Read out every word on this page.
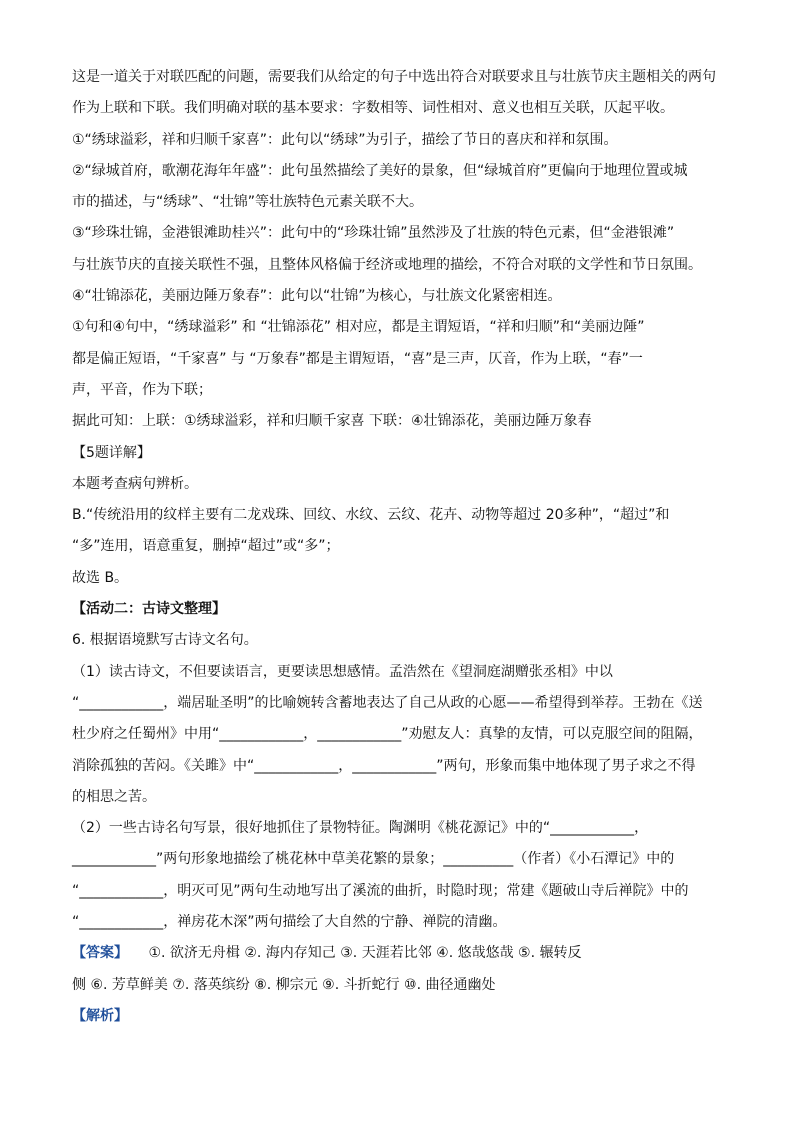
这是一道关于对联匹配的问题，需要我们从给定的句子中选出符合对联要求且与壮族节庆主题相关的两句

作为上联和下联。我们明确对联的基本要求：字数相等、词性相对、意义也相互关联，仄起平收。

①“绣球溢彩，祥和归顺千家喜”：此句以“绣球”为引子，描绘了节日的喜庆和祥和氛围。

②“绿城首府，歌潮花海年年盛”：此句虽然描绘了美好的景象，但“绿城首府”更偏向于地理位置或城

市的描述，与“绣球”、“壮锦”等壮族特色元素关联不大。

③“珍珠壮锦，金港银滩助桂兴”：此句中的“珍珠壮锦”虽然涉及了壮族的特色元素，但“金港银滩”

与壮族节庆的直接关联性不强，且整体风格偏于经济或地理的描绘，不符合对联的文学性和节日氛围。

④“壮锦添花，美丽边陲万象春”：此句以“壮锦”为核心，与壮族文化紧密相连。

①句和④句中，“绣球溢彩” 和 “壮锦添花” 相对应，都是主谓短语，“祥和归顺”和“美丽边陲”

都是偏正短语，“千家喜” 与 “万象春”都是主谓短语，“喜”是三声，仄音，作为上联，“春”一

声，平音，作为下联；

据此可知：上联：①绣球溢彩，祥和归顺千家喜 下联：④壮锦添花，美丽边陲万象春

【5题详解】

本题考查病句辨析。

B.“传统沿用的纹样主要有二龙戏珠、回纹、水纹、云纹、花卉、动物等超过 20多种”，“超过”和

“多”连用，语意重复，删掉“超过”或“多”；

故选 B。

【活动二：古诗文整理】

6. 根据语境默写古诗文名句。

（1）读古诗文，不但要读语言，更要读思想感情。孟浩然在《望洞庭湖赠张丞相》中以

“____________，端居耻圣明”的比喻婉转含蓄地表达了自己从政的心愿——希望得到举荐。王勃在《送

杜少府之任蜀州》中用“____________，____________”劝慰友人：真挚的友情，可以克服空间的阻隔，

消除孤独的苦闷。《关雎》中“____________，____________”两句，形象而集中地体现了男子求之不得

的相思之苦。

（2）一些古诗名句写景，很好地抓住了景物特征。陶渊明《桃花源记》中的“____________，

____________”两句形象地描绘了桃花林中草美花繁的景象；__________（作者）《小石潭记》中的

“____________，明灭可见”两句生动地写出了溪流的曲折，时隐时现；常建《题破山寺后禅院》中的

“____________，禅房花木深”两句描绘了大自然的宁静、禅院的清幽。

【答案】 ①. 欲济无舟楫 ②. 海内存知己 ③. 天涯若比邻 ④. 悠哉悠哉 ⑤. 辗转反

侧 ⑥. 芳草鲜美 ⑦. 落英缤纷 ⑧. 柳宗元 ⑨. 斗折蛇行 ⑩. 曲径通幽处

【解析】
